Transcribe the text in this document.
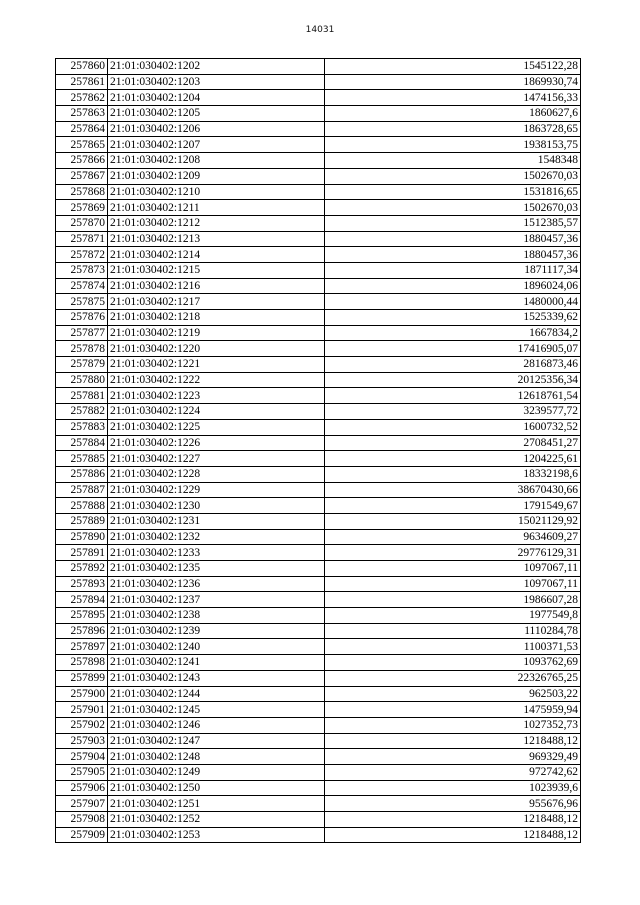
14031
257860	21:01:030402:1202	1545122,28
257861	21:01:030402:1203	1869930,74
257862	21:01:030402:1204	1474156,33
257863	21:01:030402:1205	1860627,6
257864	21:01:030402:1206	1863728,65
257865	21:01:030402:1207	1938153,75
257866	21:01:030402:1208	1548348
257867	21:01:030402:1209	1502670,03
257868	21:01:030402:1210	1531816,65
257869	21:01:030402:1211	1502670,03
257870	21:01:030402:1212	1512385,57
257871	21:01:030402:1213	1880457,36
257872	21:01:030402:1214	1880457,36
257873	21:01:030402:1215	1871117,34
257874	21:01:030402:1216	1896024,06
257875	21:01:030402:1217	1480000,44
257876	21:01:030402:1218	1525339,62
257877	21:01:030402:1219	1667834,2
257878	21:01:030402:1220	17416905,07
257879	21:01:030402:1221	2816873,46
257880	21:01:030402:1222	20125356,34
257881	21:01:030402:1223	12618761,54
257882	21:01:030402:1224	3239577,72
257883	21:01:030402:1225	1600732,52
257884	21:01:030402:1226	2708451,27
257885	21:01:030402:1227	1204225,61
257886	21:01:030402:1228	18332198,6
257887	21:01:030402:1229	38670430,66
257888	21:01:030402:1230	1791549,67
257889	21:01:030402:1231	15021129,92
257890	21:01:030402:1232	9634609,27
257891	21:01:030402:1233	29776129,31
257892	21:01:030402:1235	1097067,11
257893	21:01:030402:1236	1097067,11
257894	21:01:030402:1237	1986607,28
257895	21:01:030402:1238	1977549,8
257896	21:01:030402:1239	1110284,78
257897	21:01:030402:1240	1100371,53
257898	21:01:030402:1241	1093762,69
257899	21:01:030402:1243	22326765,25
257900	21:01:030402:1244	962503,22
257901	21:01:030402:1245	1475959,94
257902	21:01:030402:1246	1027352,73
257903	21:01:030402:1247	1218488,12
257904	21:01:030402:1248	969329,49
257905	21:01:030402:1249	972742,62
257906	21:01:030402:1250	1023939,6
257907	21:01:030402:1251	955676,96
257908	21:01:030402:1252	1218488,12
257909	21:01:030402:1253	1218488,12
